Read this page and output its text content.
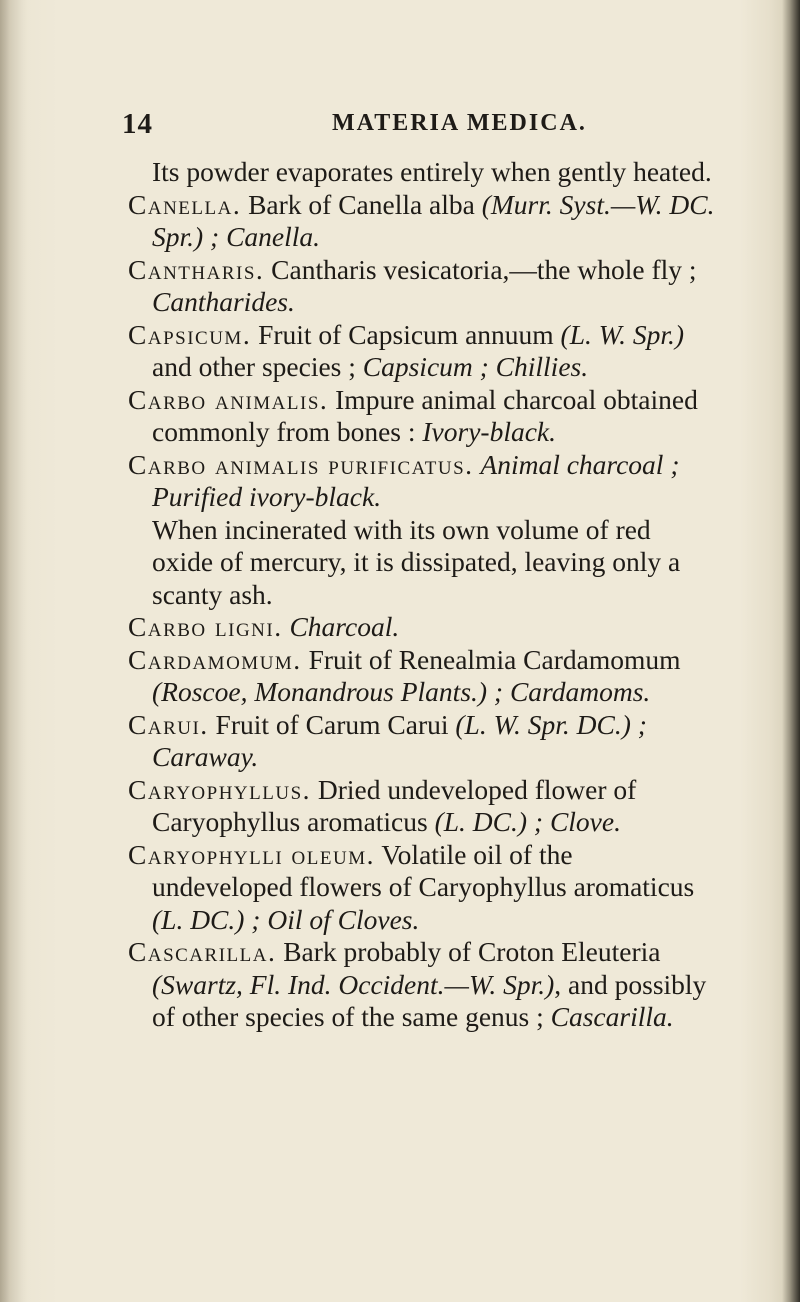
14	MATERIA MEDICA.

Its powder evaporates entirely when gently heated.

Canella. Bark of Canella alba (Murr. Syst.—W. DC. Spr.) ; Canella.

Cantharis. Cantharis vesicatoria,—the whole fly ; Cantharides.

Capsicum. Fruit of Capsicum annuum (L. W. Spr.) and other species ; Capsicum ; Chillies.

Carbo animalis. Impure animal charcoal obtained commonly from bones : Ivory-black.

Carbo animalis purificatus. Animal charcoal ; Purified ivory-black.

When incinerated with its own volume of red oxide of mercury, it is dissipated, leaving only a scanty ash.

Carbo ligni. Charcoal.

Cardamomum. Fruit of Renealmia Cardamomum (Roscoe, Monandrous Plants.) ; Cardamoms.

Carui. Fruit of Carum Carui (L. W. Spr. DC.) ; Caraway.

Caryophyllus. Dried undeveloped flower of Caryophyllus aromaticus (L. DC.) ; Clove.

Caryophylli oleum. Volatile oil of the undeveloped flowers of Caryophyllus aromaticus (L. DC.) ; Oil of Cloves.

Cascarilla. Bark probably of Croton Eleuteria (Swartz, Fl. Ind. Occident.—W. Spr.), and possibly of other species of the same genus ; Cascarilla.
